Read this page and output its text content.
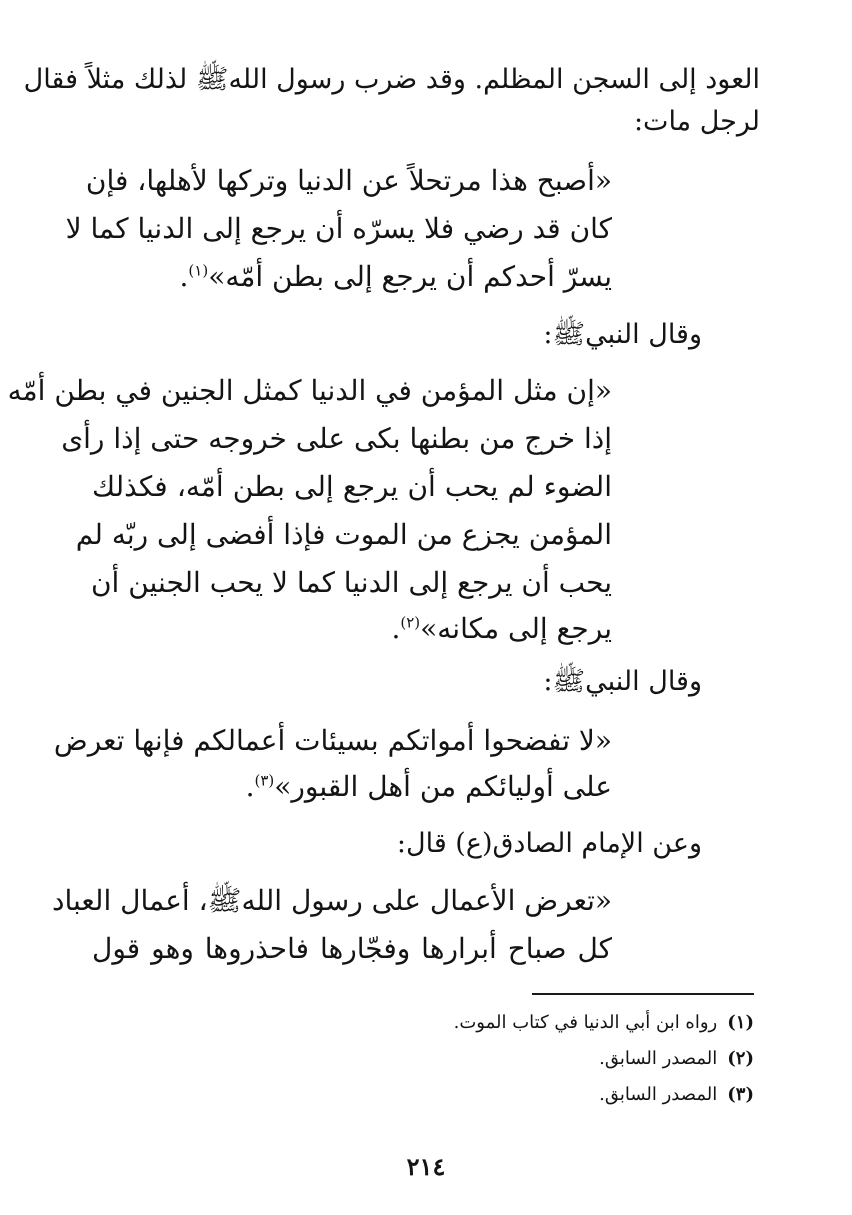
العود إلى السجن المظلم. وقد ضرب رسول اللهﷺ لذلك مثلاً فقال
لرجل مات:
«أصبح هذا مرتحلاً عن الدنيا وتركها لأهلها، فإن
كان قد رضي فلا يسرّه أن يرجع إلى الدنيا كما لا
يسرّ أحدكم أن يرجع إلى بطن أمّه»$^{(١)}$.
وقال النبيﷺ:
«إن مثل المؤمن في الدنيا كمثل الجنين في بطن أمّه
إذا خرج من بطنها بكى على خروجه حتى إذا رأى
الضوء لم يحب أن يرجع إلى بطن أمّه، فكذلك
المؤمن يجزع من الموت فإذا أفضى إلى ربّه لم
يحب أن يرجع إلى الدنيا كما لا يحب الجنين أن
يرجع إلى مكانه»$^{(٢)}$.
وقال النبيﷺ:
«لا تفضحوا أمواتكم بسيئات أعمالكم فإنها تعرض
على أوليائكم من أهل القبور»$^{(٣)}$.
وعن الإمام الصادق(ع) قال:
«تعرض الأعمال على رسول اللهﷺ، أعمال العباد
كل صباح أبرارها وفجّارها فاحذروها وهو قول
(١)رواه ابن أبي الدنيا في كتاب الموت.
(٢)المصدر السابق.
(٣)المصدر السابق.
٢١٤
